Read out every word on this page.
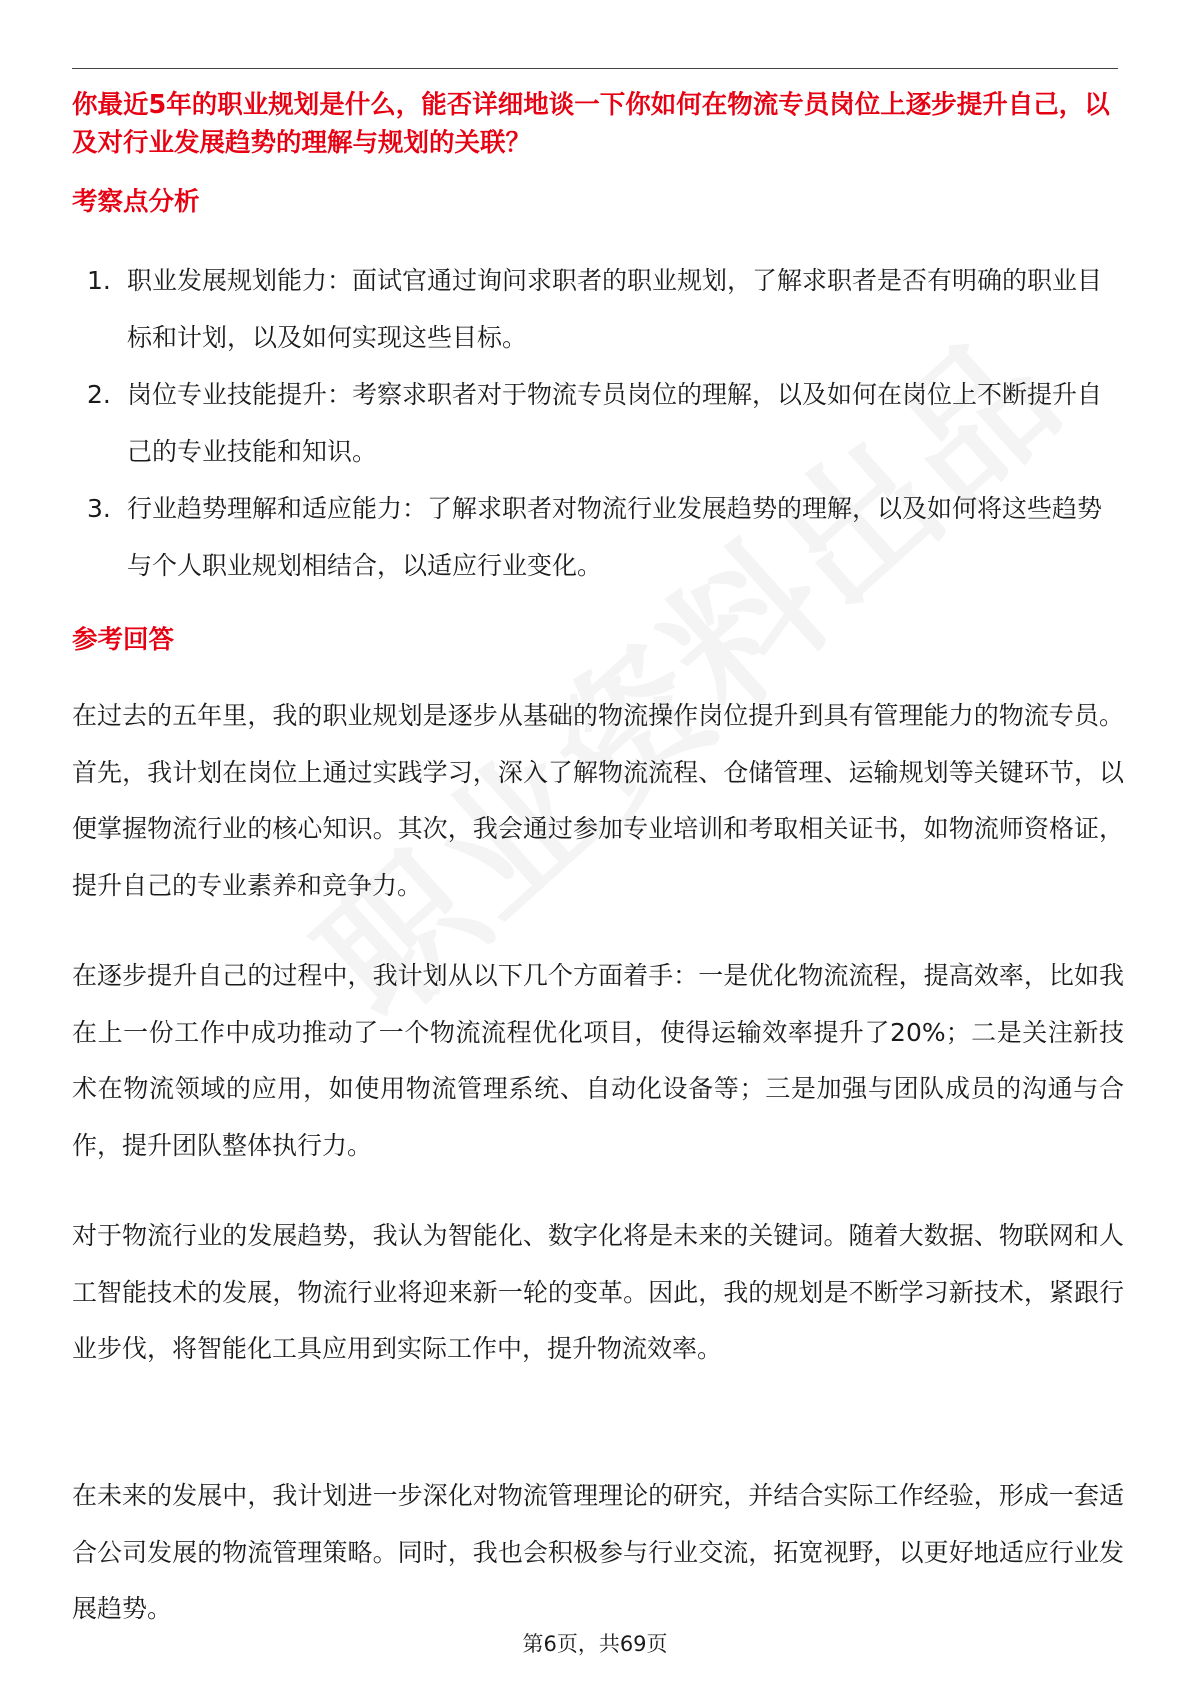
你最近5年的职业规划是什么，能否详细地谈一下你如何在物流专员岗位上逐步提升自己，以及对行业发展趋势的理解与规划的关联？

考察点分析

1. 职业发展规划能力：面试官通过询问求职者的职业规划，了解求职者是否有明确的职业目标和计划，以及如何实现这些目标。
2. 岗位专业技能提升：考察求职者对于物流专员岗位的理解，以及如何在岗位上不断提升自己的专业技能和知识。
3. 行业趋势理解和适应能力：了解求职者对物流行业发展趋势的理解，以及如何将这些趋势与个人职业规划相结合，以适应行业变化。

参考回答

在过去的五年里，我的职业规划是逐步从基础的物流操作岗位提升到具有管理能力的物流专员。首先，我计划在岗位上通过实践学习，深入了解物流流程、仓储管理、运输规划等关键环节，以便掌握物流行业的核心知识。其次，我会通过参加专业培训和考取相关证书，如物流师资格证，提升自己的专业素养和竞争力。

在逐步提升自己的过程中，我计划从以下几个方面着手：一是优化物流流程，提高效率，比如我在上一份工作中成功推动了一个物流流程优化项目，使得运输效率提升了20%；二是关注新技术在物流领域的应用，如使用物流管理系统、自动化设备等；三是加强与团队成员的沟通与合作，提升团队整体执行力。

对于物流行业的发展趋势，我认为智能化、数字化将是未来的关键词。随着大数据、物联网和人工智能技术的发展，物流行业将迎来新一轮的变革。因此，我的规划是不断学习新技术，紧跟行业步伐，将智能化工具应用到实际工作中，提升物流效率。

在未来的发展中，我计划进一步深化对物流管理理论的研究，并结合实际工作经验，形成一套适合公司发展的物流管理策略。同时，我也会积极参与行业交流，拓宽视野，以更好地适应行业发展趋势。

第6页，共69页
